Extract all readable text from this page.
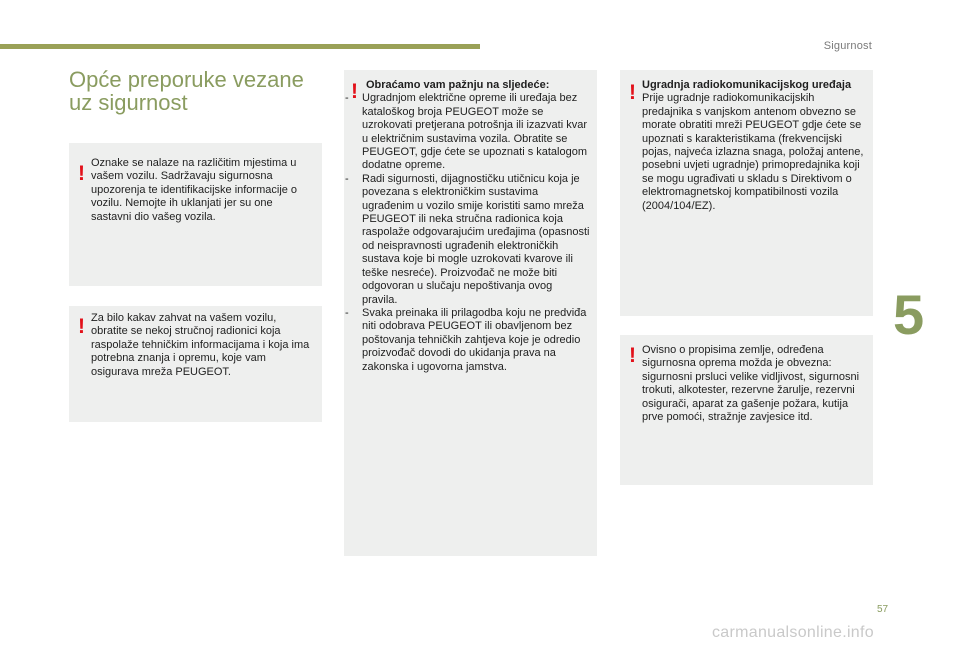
Sigurnost
Opće preporuke vezane
uz sigurnost
! Oznake se nalaze na različitim mjestima u vašem vozilu. Sadržavaju sigurnosna upozorenja te identifikacijske informacije o vozilu. Nemojte ih uklanjati jer su one sastavni dio vašeg vozila.

! Za bilo kakav zahvat na vašem vozilu, obratite se nekoj stručnoj radionici koja raspolaže tehničkim informacijama i koja ima potrebna znanja i opremu, koje vam osigurava mreža PEUGEOT.

! Obraćamo vam pažnju na sljedeće:

- Ugradnjom električne opreme ili uređaja bez kataloškog broja PEUGEOT može se uzrokovati pretjerana potrošnja ili izazvati kvar u električnim sustavima vozila. Obratite se PEUGEOT, gdje ćete se upoznati s katalogom dodatne opreme.
- Radi sigurnosti, dijagnostičku utičnicu koja je povezana s elektroničkim sustavima ugrađenim u vozilo smije koristiti samo mreža PEUGEOT ili neka stručna radionica koja raspolaže odgovarajućim uređajima (opasnosti od neispravnosti ugrađenih elektroničkih sustava koje bi mogle uzrokovati kvarove ili teške nesreće). Proizvođač ne može biti odgovoran u slučaju nepoštivanja ovog pravila.
- Svaka preinaka ili prilagodba koju ne predviđa niti odobrava PEUGEOT ili obavljenom bez poštovanja tehničkih zahtjeva koje je odredio proizvođač dovodi do ukidanja prava na zakonska i ugovorna jamstva.
! Ugradnja radiokomunikacijskog uređaja

Prije ugradnje radiokomunikacijskih predajnika s vanjskom antenom obvezno se morate obratiti mreži PEUGEOT gdje ćete se upoznati s karakteristikama (frekvencijski pojas, najveća izlazna snaga, položaj antene, posebni uvjeti ugradnje) primopredajnika koji se mogu ugrađivati u skladu s Direktivom o elektromagnetskoj kompatibilnosti vozila (2004/104/EZ).

! Ovisno o propisima zemlje, određena sigurnosna oprema možda je obvezna: sigurnosni prsluci velike vidljivost, sigurnosni trokuti, alkotester, rezervne žarulje, rezervni osigurači, aparat za gašenje požara, kutija prve pomoći, stražnje zavjesice itd.

5
57
carmanualsonline.info
